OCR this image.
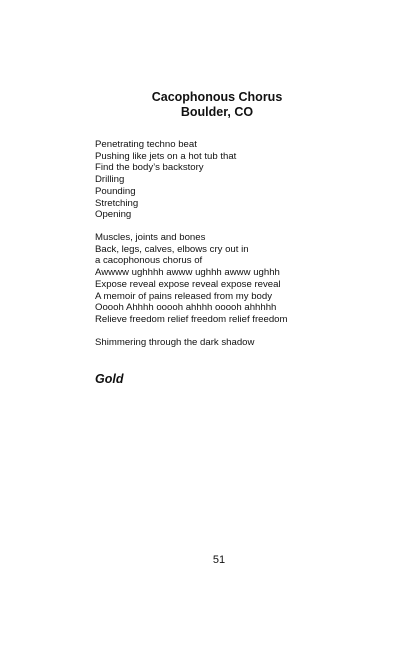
Cacophonous Chorus
Boulder, CO
Penetrating techno beat
Pushing like jets on a hot tub that
Find the body’s backstory
Drilling
Pounding
Stretching
Opening
Muscles, joints and bones
Back, legs, calves, elbows cry out in
a cacophonous chorus of
Awwww ughhhh awww ughhh awww ughhh
Expose reveal expose reveal expose reveal
A memoir of pains released from my body
Ooooh Ahhhh ooooh ahhhh ooooh ahhhhh
Relieve freedom relief freedom relief freedom
Shimmering through the dark shadow
Gold
51
